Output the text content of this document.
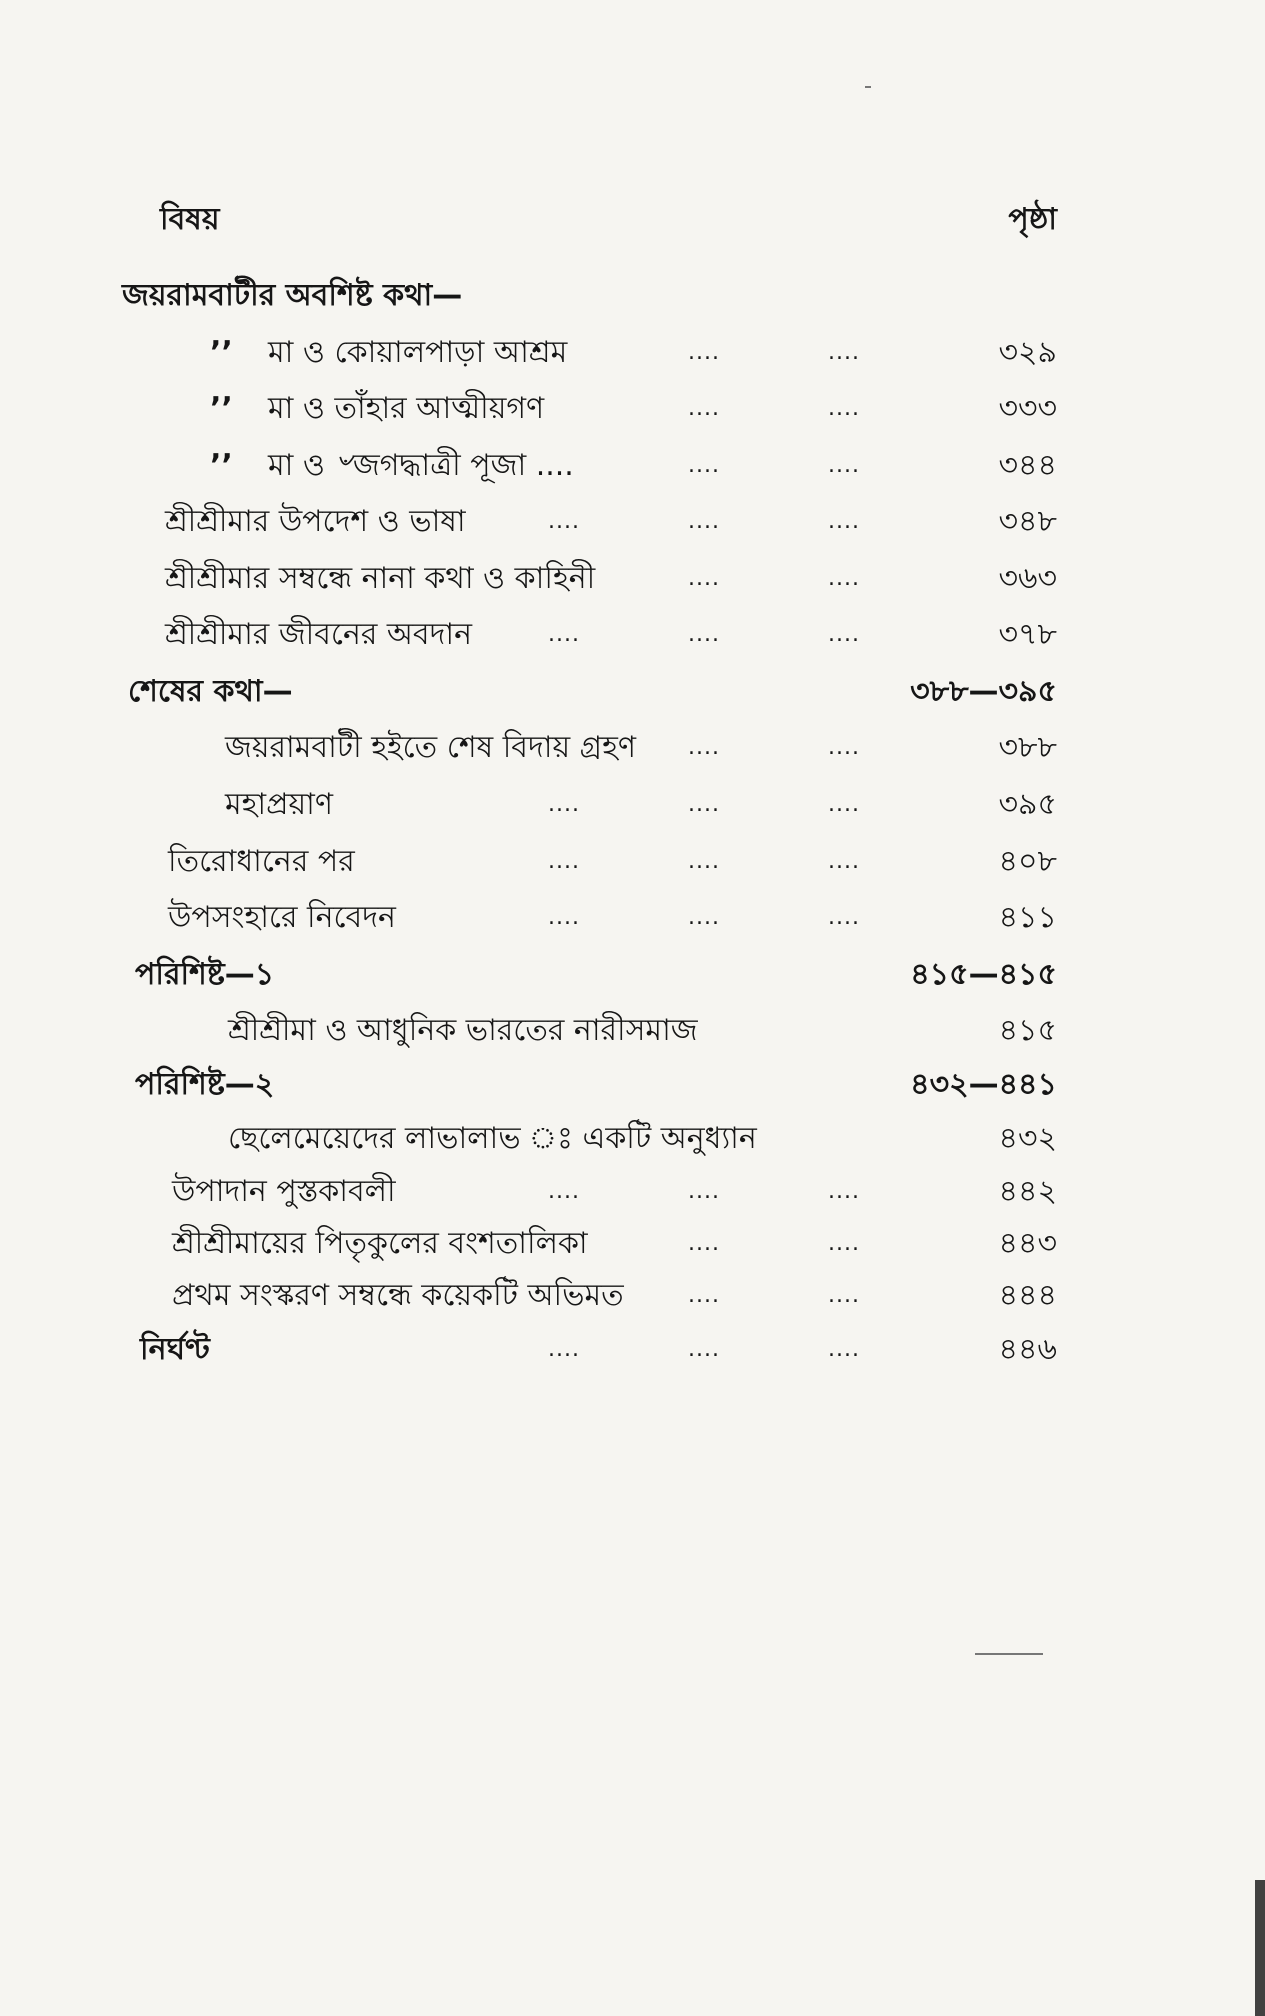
বিষয়	পৃষ্ঠা
জয়রামবাটীর অবশিষ্ট কথা—
’’ মা ও কোয়ালপাড়া আশ্রম	....	....	৩২৯
’’ মা ও তাঁহার আত্মীয়গণ	....	....	৩৩৩
’’ মা ও ৺জগদ্ধাত্রী পূজা ....	....	....	৩৪৪
শ্রীশ্রীমার উপদেশ ও ভাষা	....	....	....	৩৪৮
শ্রীশ্রীমার সম্বন্ধে নানা কথা ও কাহিনী	....	....	৩৬৩
শ্রীশ্রীমার জীবনের অবদান	....	....	....	৩৭৮
শেষের কথা—	৩৮৮—৩৯৫
জয়রামবাটী হইতে শেষ বিদায় গ্রহণ ....	....	৩৮৮
মহাপ্রয়াণ	....	....	....	৩৯৫
তিরোধানের পর	....	....	....	৪০৮
উপসংহারে নিবেদন	....	....	....	৪১১
পরিশিষ্ট—১	৪১৫—৪১৫
শ্রীশ্রীমা ও আধুনিক ভারতের নারীসমাজ	৪১৫
পরিশিষ্ট—২	৪৩২—৪৪১
ছেলেমেয়েদের লাভালাভ ঃ একটি অনুধ্যান	৪৩২
উপাদান পুস্তকাবলী	....	....	....	৪৪২
শ্রীশ্রীমায়ের পিতৃকুলের বংশতালিকা	....	....	৪৪৩
প্রথম সংস্করণ সম্বন্ধে কয়েকটি অভিমত	....	....	৪৪৪
নির্ঘণ্ট	....	....	....	৪৪৬
